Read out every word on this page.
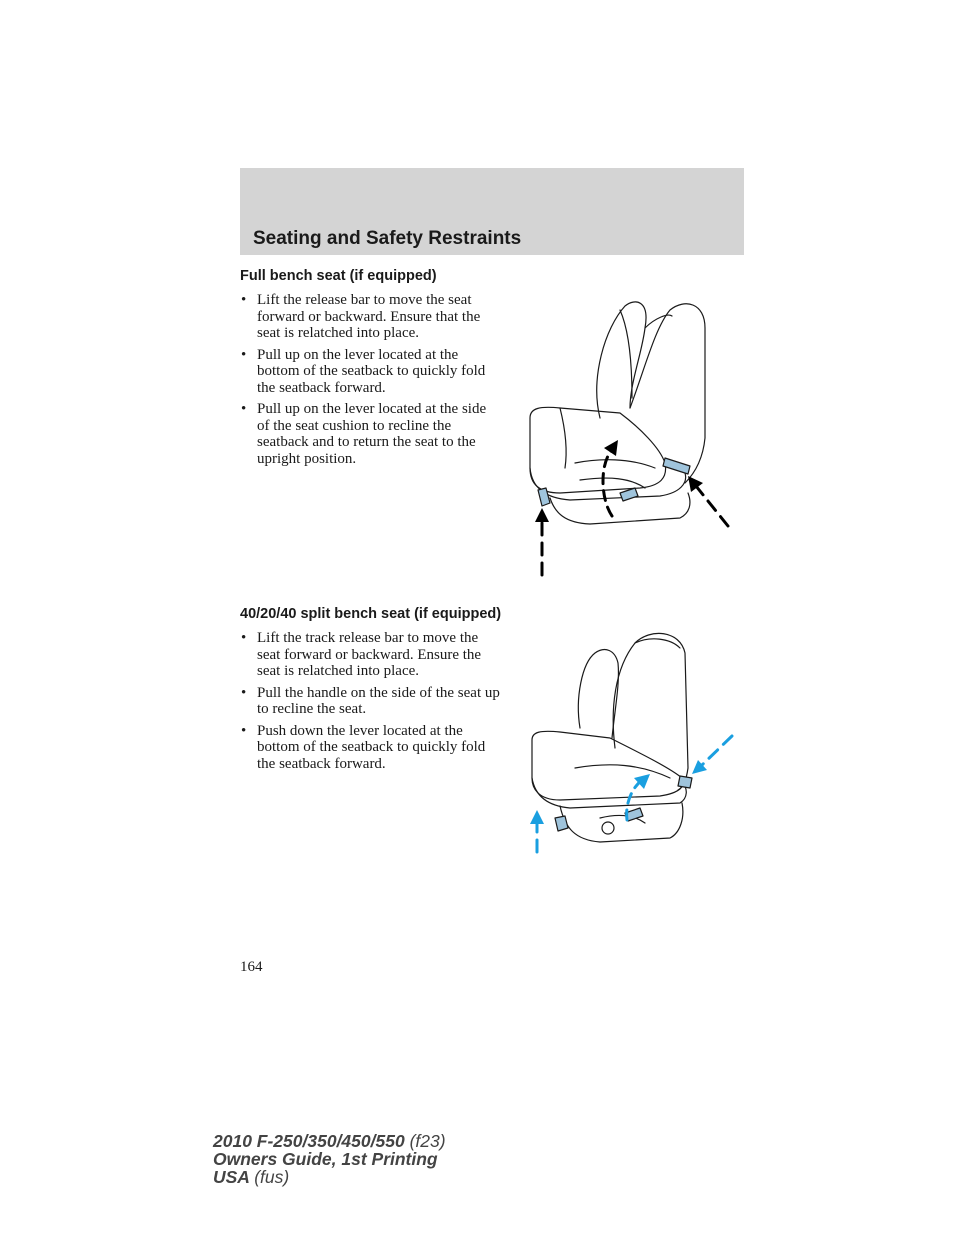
Seating and Safety Restraints
Full bench seat (if equipped)
• Lift the release bar to move the seat forward or backward. Ensure that the seat is relatched into place.
• Pull up on the lever located at the bottom of the seatback to quickly fold the seatback forward.
• Pull up on the lever located at the side of the seat cushion to recline the seatback and to return the seat to the upright position.
40/20/40 split bench seat (if equipped)
• Lift the track release bar to move the seat forward or backward. Ensure the seat is relatched into place.
• Pull the handle on the side of the seat up to recline the seat.
• Push down the lever located at the bottom of the seatback to quickly fold the seatback forward.
164
2010 F-250/350/450/550 (f23)
Owners Guide, 1st Printing
USA (fus)
